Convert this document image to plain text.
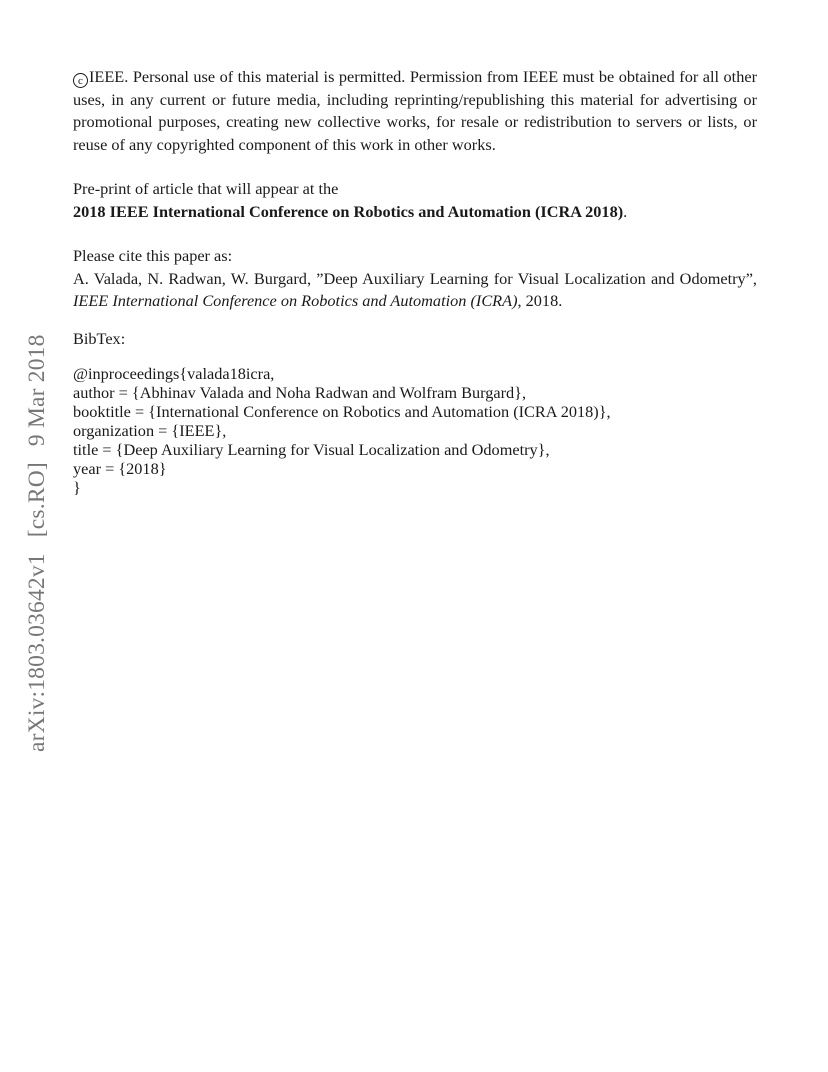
arXiv:1803.03642v1[cs.RO]9 Mar 2018

c IEEE. Personal use of this material is permitted. Permission from IEEE must be obtained for all other uses, in any current or future media, including reprinting/republishing this material for advertising or promotional purposes, creating new collective works, for resale or redistribution to servers or lists, or reuse of any copyrighted component of this work in other works.

Pre-print of article that will appear at the
2018 IEEE International Conference on Robotics and Automation (ICRA 2018).
Please cite this paper as:
A. Valada, N. Radwan, W. Burgard, ”Deep Auxiliary Learning for Visual Localization and Odometry”, IEEE International Conference on Robotics and Automation (ICRA), 2018.
BibTex:
@inproceedings{valada18icra,
author = {Abhinav Valada and Noha Radwan and Wolfram Burgard},
booktitle = {International Conference on Robotics and Automation (ICRA 2018)},
organization = {IEEE},
title = {Deep Auxiliary Learning for Visual Localization and Odometry},
year = {2018}
}
